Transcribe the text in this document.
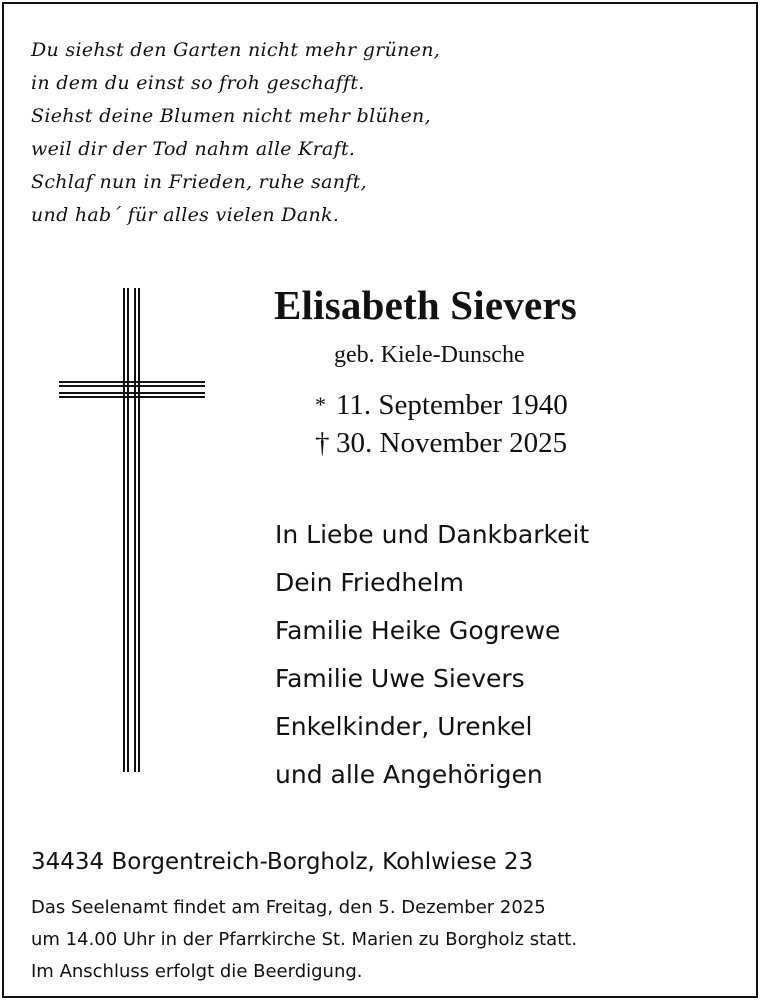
Du siehst den Garten nicht mehr grünen,
in dem du einst so froh geschafft.
Siehst deine Blumen nicht mehr blühen,
weil dir der Tod nahm alle Kraft.
Schlaf nun in Frieden, ruhe sanft,
und hab´ für alles vielen Dank.
Elisabeth Sievers
geb. Kiele-Dunsche
* 11. September 1940
† 30. November 2025
In Liebe und Dankbarkeit
Dein Friedhelm
Familie Heike Gogrewe
Familie Uwe Sievers
Enkelkinder, Urenkel
und alle Angehörigen
34434 Borgentreich-Borgholz, Kohlwiese 23
Das Seelenamt findet am Freitag, den 5. Dezember 2025
um 14.00 Uhr in der Pfarrkirche St. Marien zu Borgholz statt.
Im Anschluss erfolgt die Beerdigung.
